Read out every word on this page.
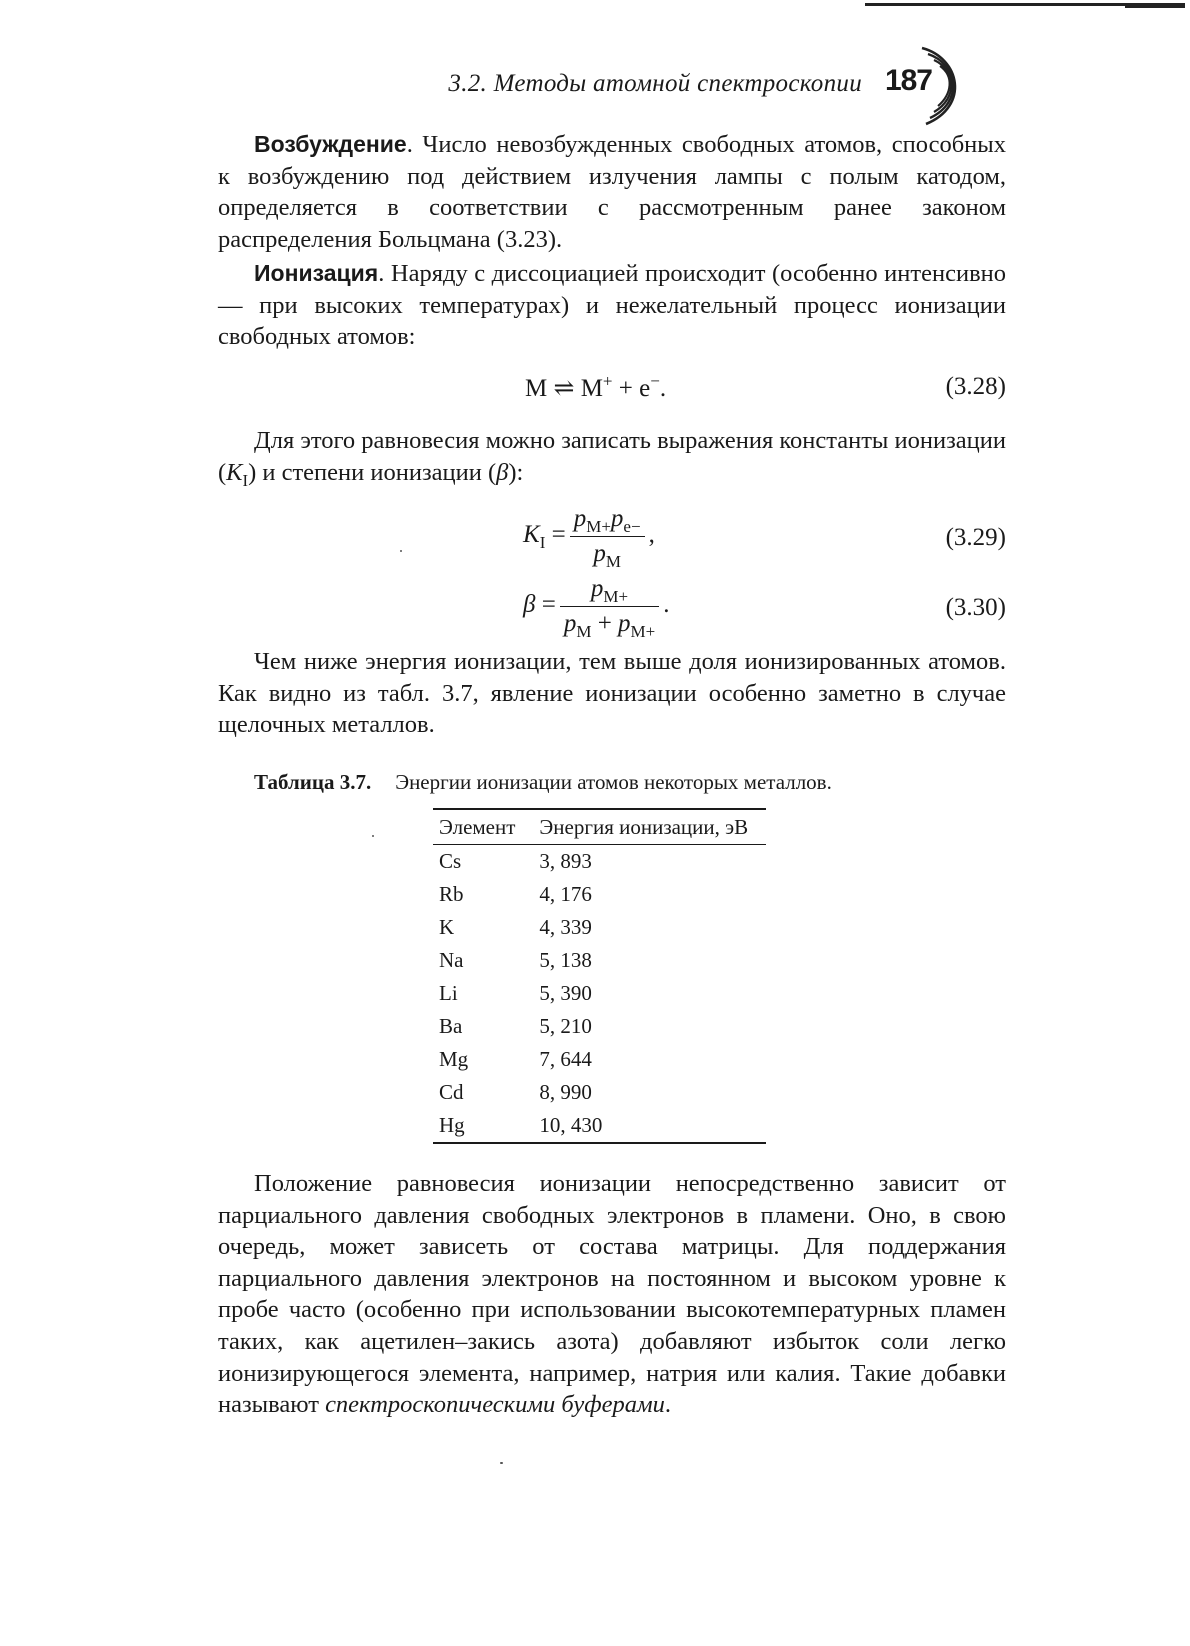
3.2. Методы атомной спектроскопии 187

Возбуждение. Число невозбужденных свободных атомов, способных к возбуждению под действием излучения лампы с полым катодом, определяется в соответствии с рассмотренным ранее законом распределения Больцмана (3.23).

Ионизация. Наряду с диссоциацией происходит (особенно интенсивно — при высоких температурах) и нежелательный процесс ионизации свободных атомов:

M ⇌ M+ + e−.	(3.28)

Для этого равновесия можно записать выражения константы ионизации $(K_I)$ и степени ионизации (β):

$K_I = \frac{p_{M+}p_{e-}}{p_M}$ ,	(3.29)
$\beta = \frac{p_{M+}}{p_M + p_{M+}}$ .	(3.30)

Чем ниже энергия ионизации, тем выше доля ионизированных атомов. Как видно из табл. 3.7, явление ионизации особенно заметно в случае щелочных металлов.

Таблица 3.7. Энергии ионизации атомов некоторых металлов.
Элемент	Энергия ионизации, эВ
Cs	3, 893
Rb	4, 176
K	4, 339
Na	5, 138
Li	5, 390
Ba	5, 210
Mg	7, 644
Cd	8, 990
Hg	10, 430

Положение равновесия ионизации непосредственно зависит от парциального давления свободных электронов в пламени. Оно, в свою очередь, может зависеть от состава матрицы. Для поддержания парциального давления электронов на постоянном и высоком уровне к пробе часто (особенно при использовании высокотемпературных пламен таких, как ацетилен–закись азота) добавляют избыток соли легко ионизирующегося элемента, например, натрия или калия. Такие добавки называют спектроскопическими буферами.
